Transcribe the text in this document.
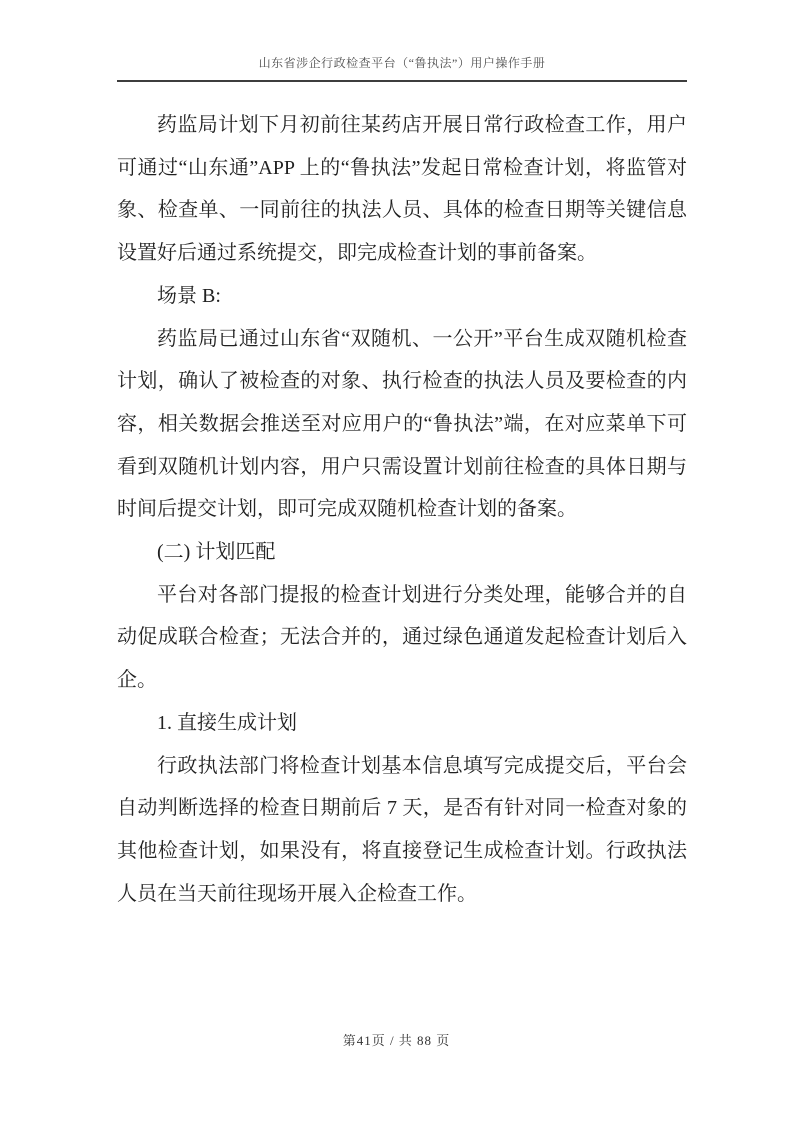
山东省涉企行政检查平台（“鲁执法”）用户操作手册

药监局计划下月初前往某药店开展日常行政检查工作，用户可通过“山东通”APP 上的“鲁执法”发起日常检查计划，将监管对象、检查单、一同前往的执法人员、具体的检查日期等关键信息设置好后通过系统提交，即完成检查计划的事前备案。

场景 B:

药监局已通过山东省“双随机、一公开”平台生成双随机检查计划，确认了被检查的对象、执行检查的执法人员及要检查的内容，相关数据会推送至对应用户的“鲁执法”端，在对应菜单下可看到双随机计划内容，用户只需设置计划前往检查的具体日期与时间后提交计划，即可完成双随机检查计划的备案。

(二) 计划匹配

平台对各部门提报的检查计划进行分类处理，能够合并的自动促成联合检查；无法合并的，通过绿色通道发起检查计划后入企。

1. 直接生成计划

行政执法部门将检查计划基本信息填写完成提交后，平台会自动判断选择的检查日期前后 7 天，是否有针对同一检查对象的其他检查计划，如果没有，将直接登记生成检查计划。行政执法人员在当天前往现场开展入企检查工作。

第41页 / 共 88 页
